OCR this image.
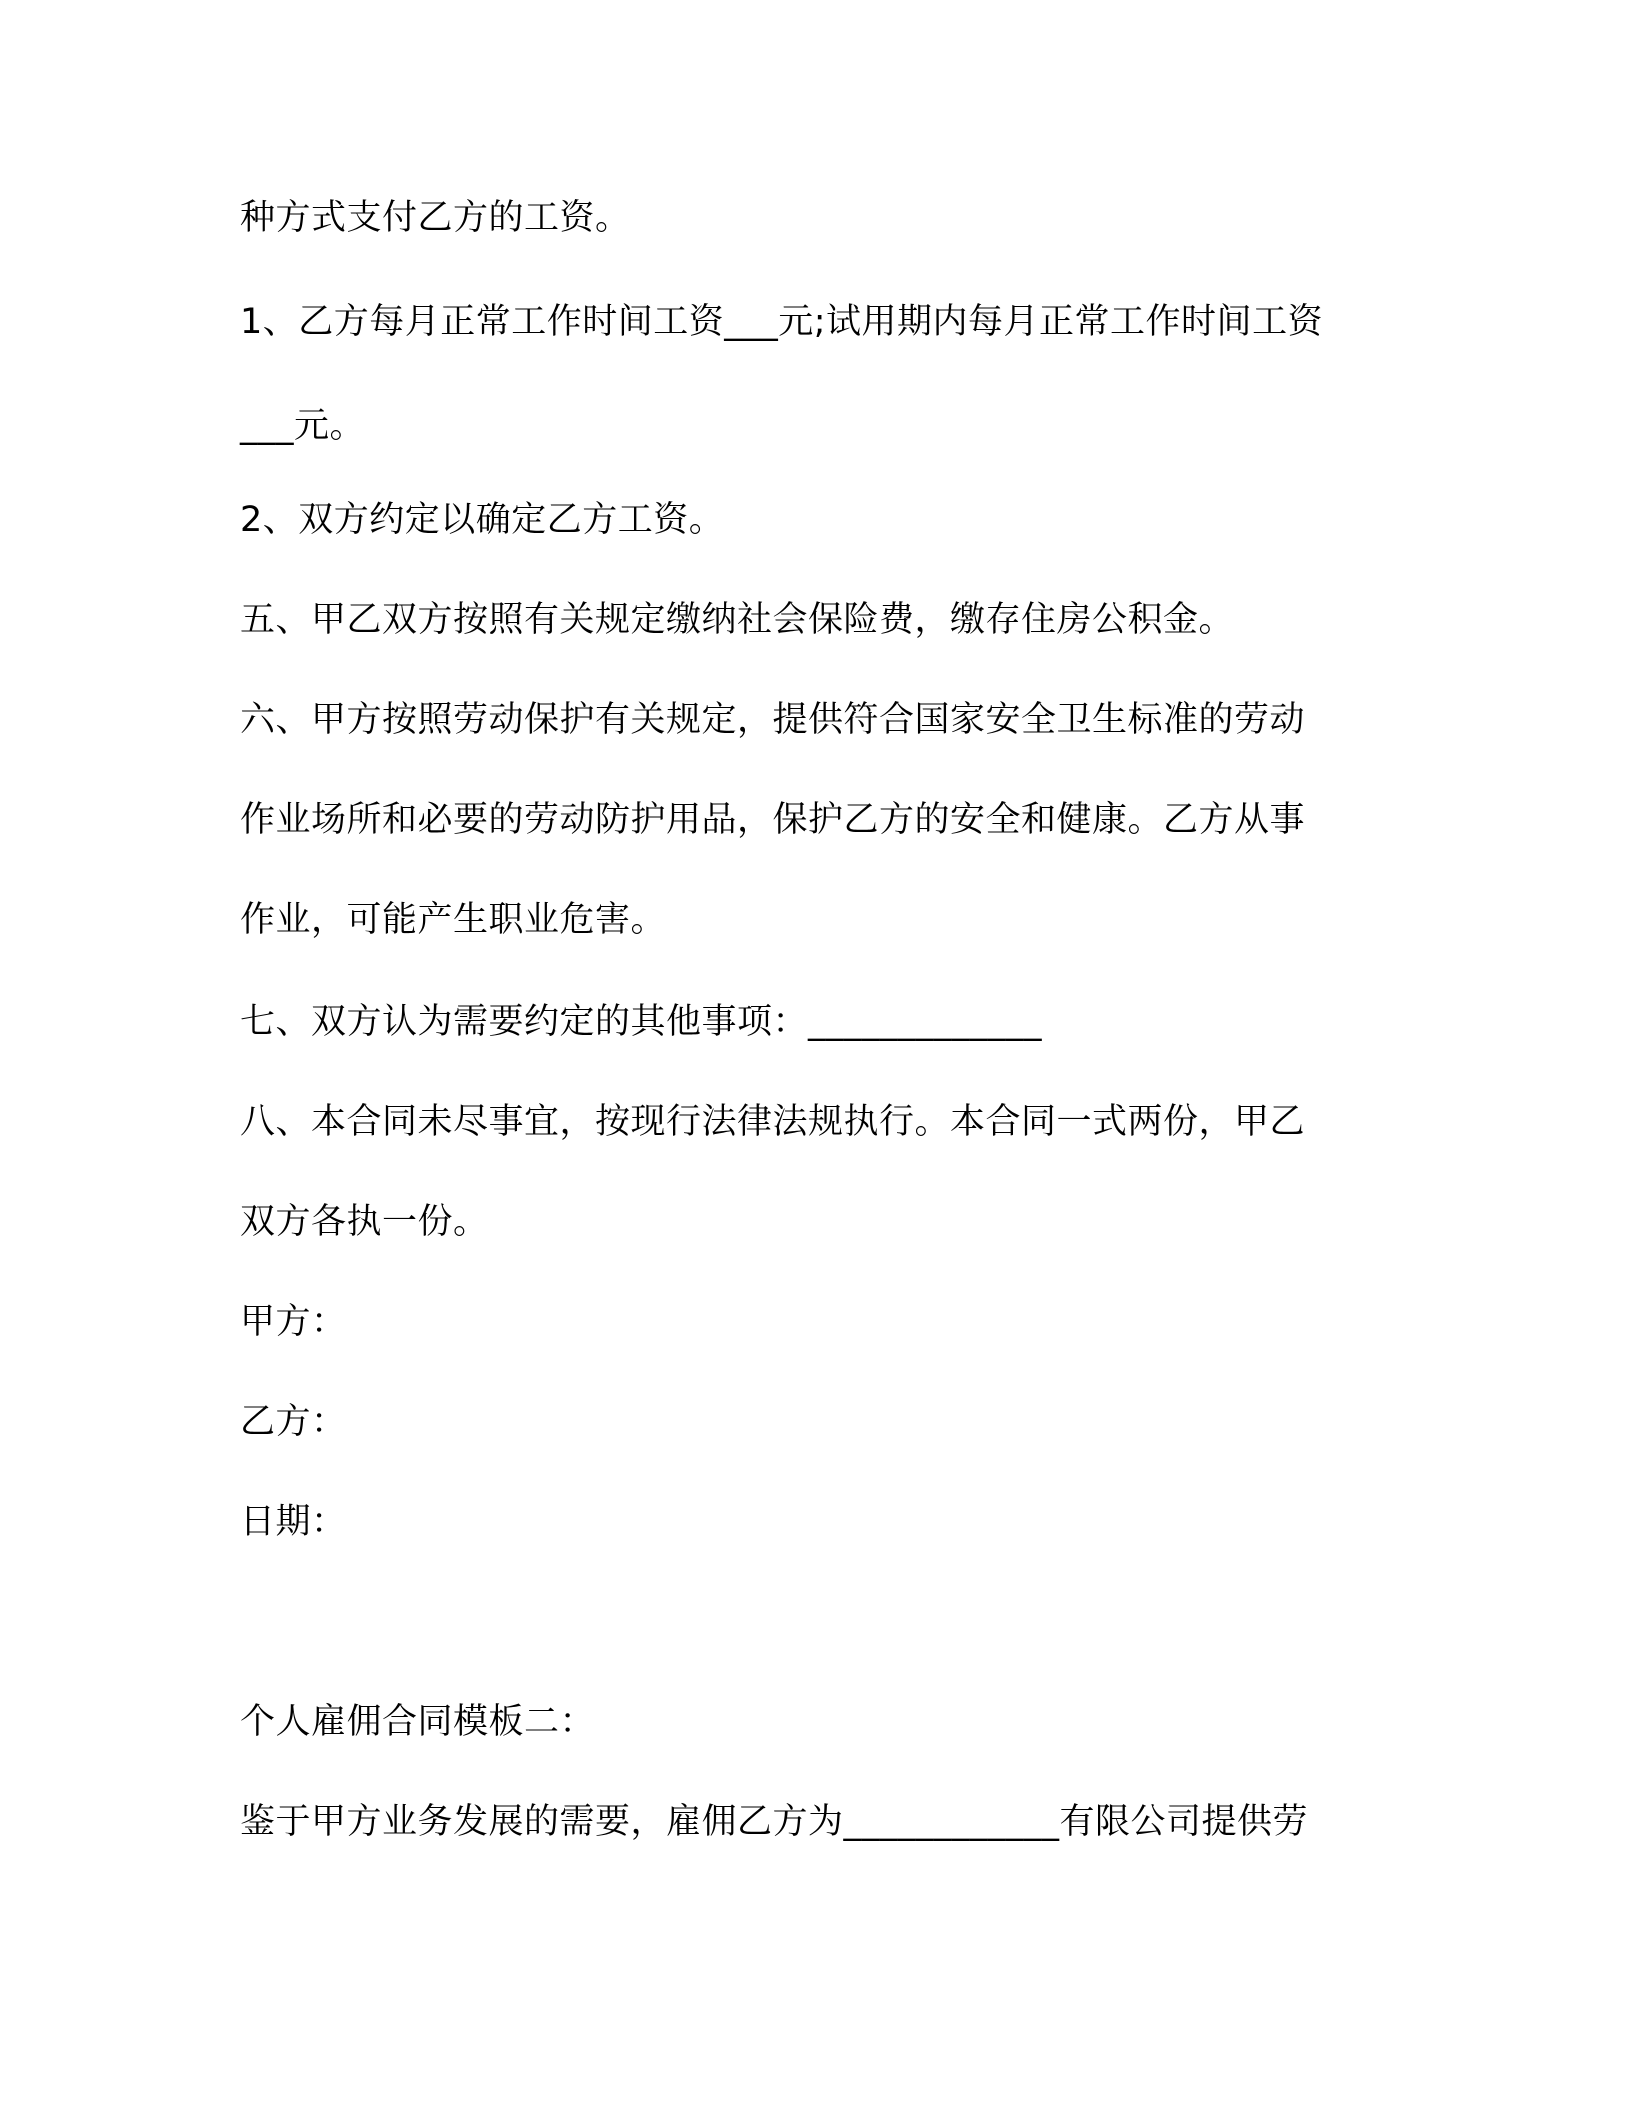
种方式支付乙方的工资。
1、乙方每月正常工作时间工资___元;试用期内每月正常工作时间工资
___元。
2、双方约定以确定乙方工资。
五、甲乙双方按照有关规定缴纳社会保险费，缴存住房公积金。
六、甲方按照劳动保护有关规定，提供符合国家安全卫生标准的劳动
作业场所和必要的劳动防护用品，保护乙方的安全和健康。乙方从事
作业，可能产生职业危害。
七、双方认为需要约定的其他事项：_____________
八、本合同未尽事宜，按现行法律法规执行。本合同一式两份，甲乙
双方各执一份。
甲方：
乙方：
日期：
个人雇佣合同模板二：
鉴于甲方业务发展的需要，雇佣乙方为____________有限公司提供劳
